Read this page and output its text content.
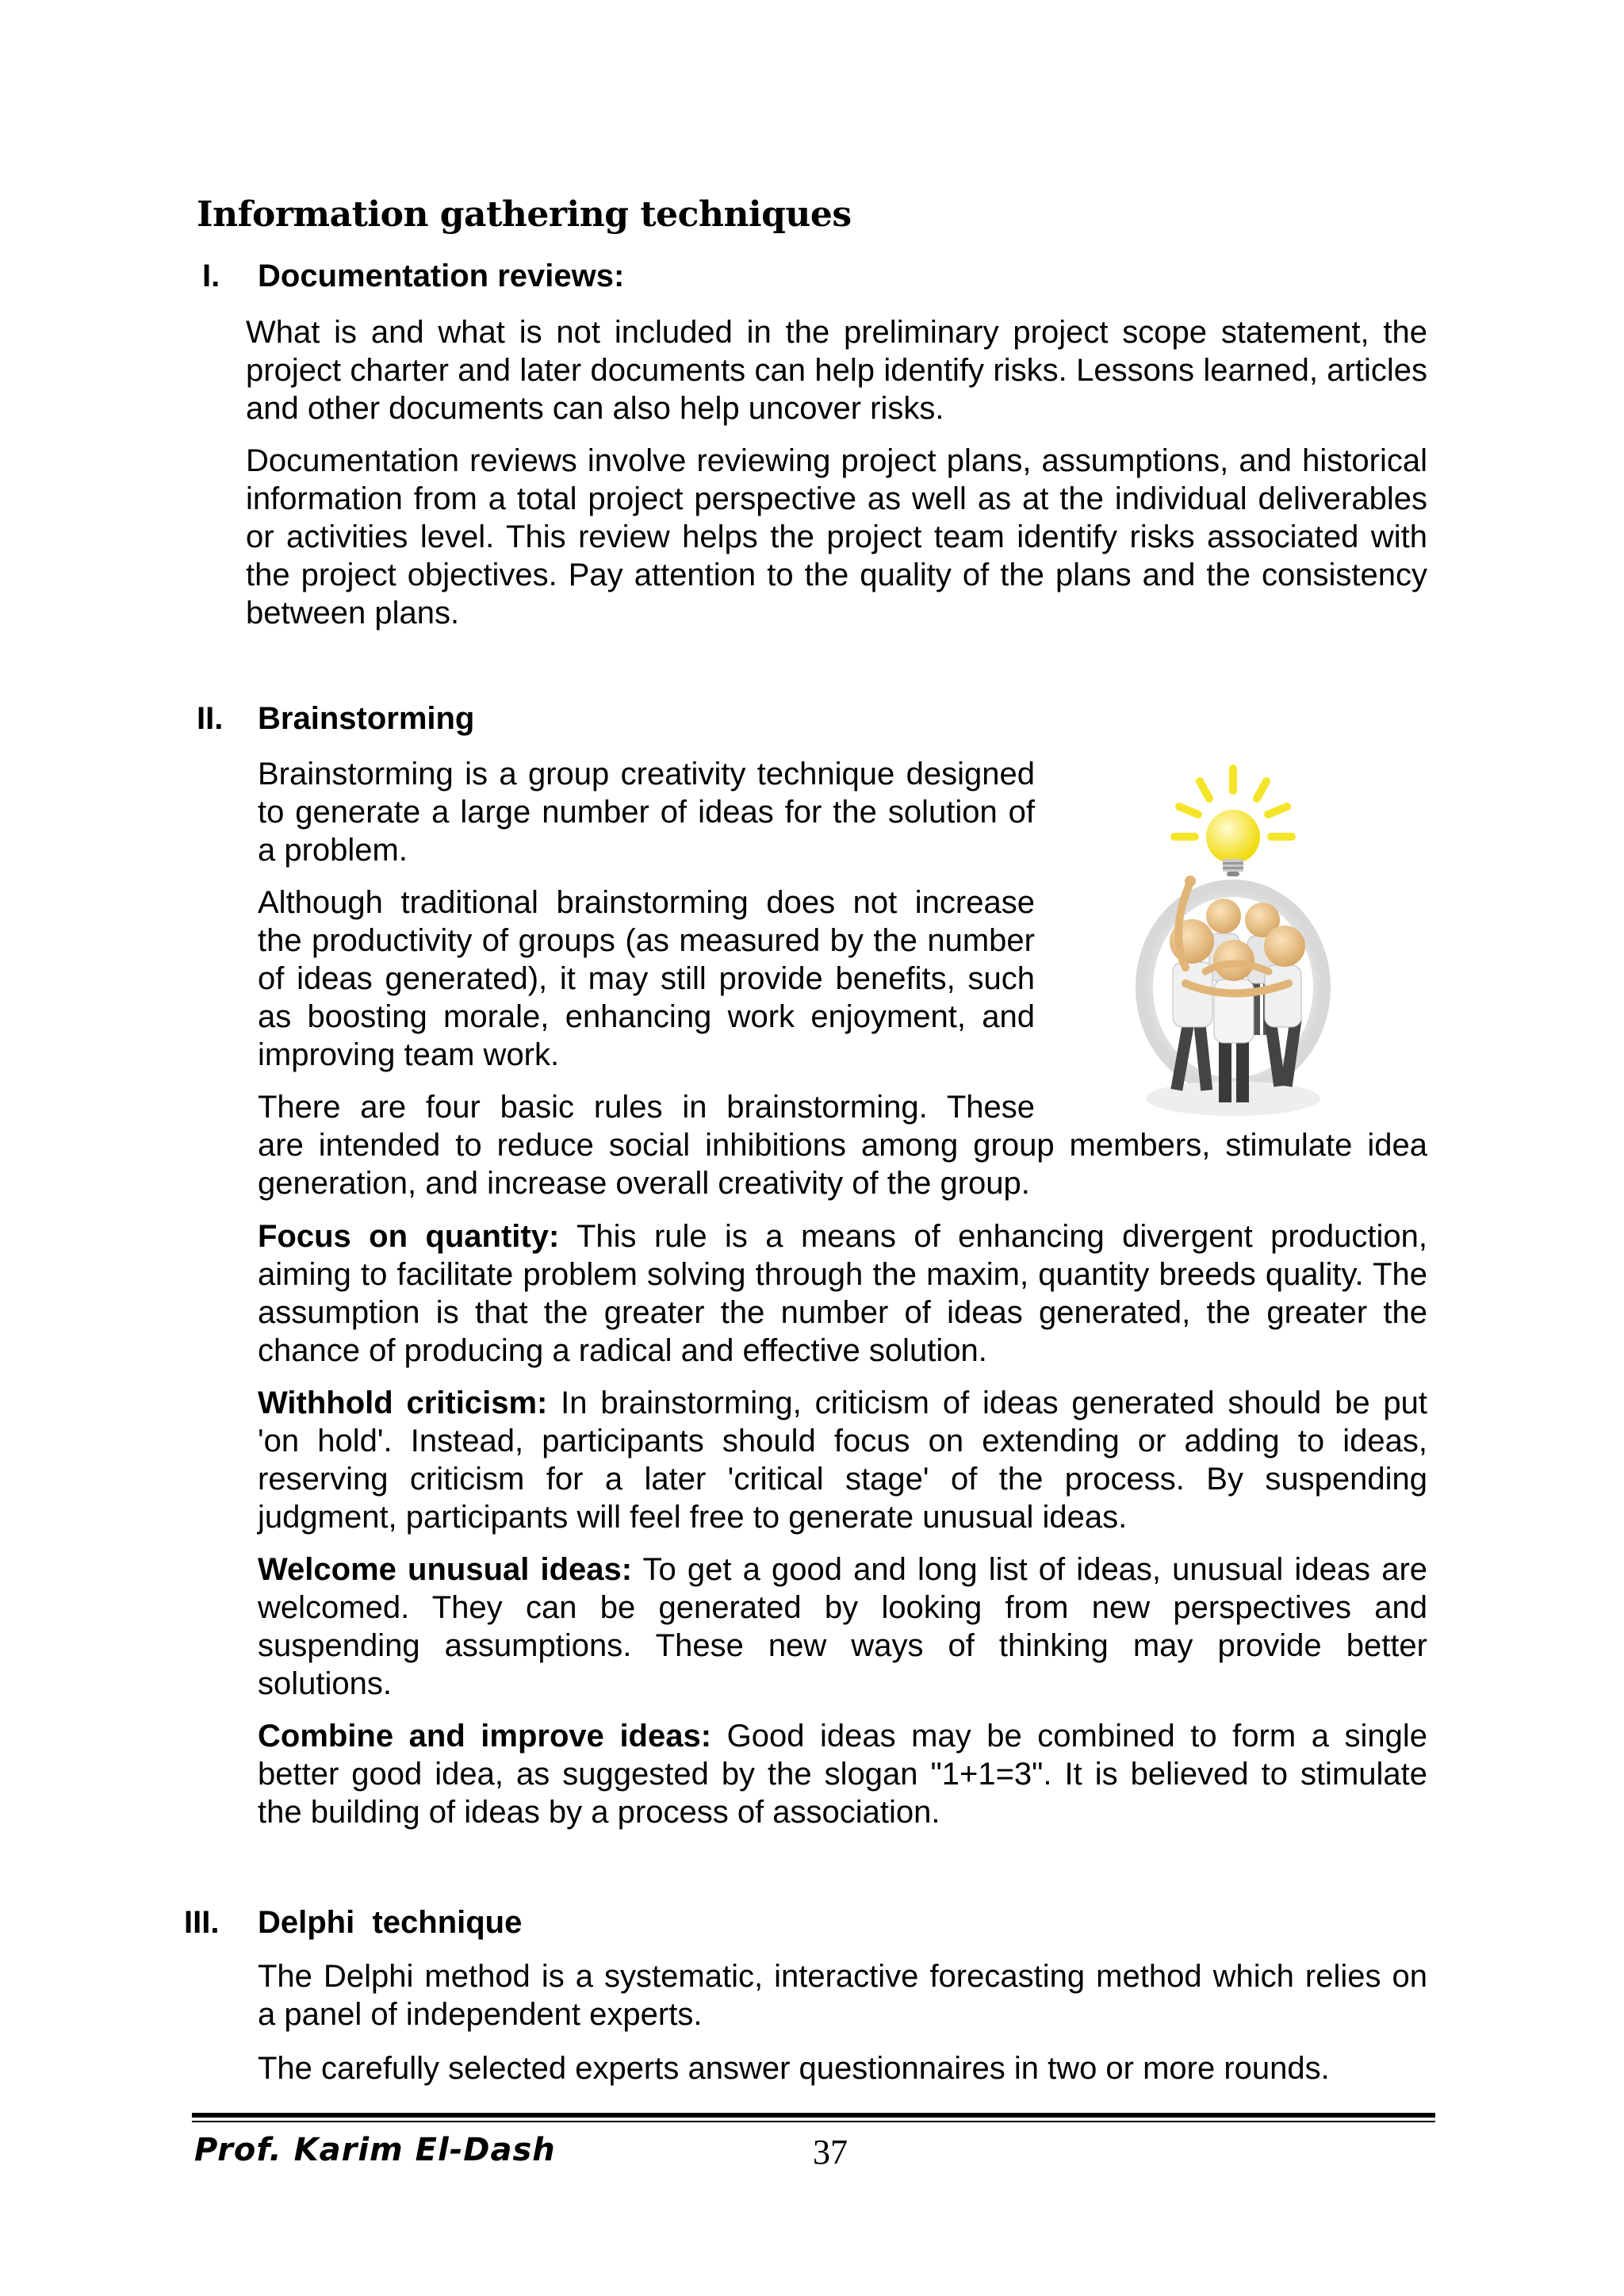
Information gathering techniques
I. Documentation reviews:

What is and what is not included in the preliminary project scope statement, the project charter and later documents can help identify risks. Lessons learned, articles and other documents can also help uncover risks.

Documentation reviews involve reviewing project plans, assumptions, and historical information from a total project perspective as well as at the individual deliverables or activities level. This review helps the project team identify risks associated with the project objectives. Pay attention to the quality of the plans and the consistency between plans.

II. Brainstorming

Brainstorming is a group creativity technique designed to generate a large number of ideas for the solution of a problem.

Although traditional brainstorming does not increase the productivity of groups (as measured by the number of ideas generated), it may still provide benefits, such as boosting morale, enhancing work enjoyment, and improving team work.

There are four basic rules in brainstorming. These

are intended to reduce social inhibitions among group members, stimulate idea generation, and increase overall creativity of the group.

Focus on quantity: This rule is a means of enhancing divergent production, aiming to facilitate problem solving through the maxim, quantity breeds quality. The assumption is that the greater the number of ideas generated, the greater the chance of producing a radical and effective solution.

Withhold criticism: In brainstorming, criticism of ideas generated should be put 'on hold'. Instead, participants should focus on extending or adding to ideas, reserving criticism for a later 'critical stage' of the process. By suspending judgment, participants will feel free to generate unusual ideas.

Welcome unusual ideas: To get a good and long list of ideas, unusual ideas are welcomed. They can be generated by looking from new perspectives and suspending assumptions. These new ways of thinking may provide better solutions.

Combine and improve ideas: Good ideas may be combined to form a single better good idea, as suggested by the slogan "1+1=3". It is believed to stimulate the building of ideas by a process of association.

III. Delphi  technique

The Delphi method is a systematic, interactive forecasting method which relies on a panel of independent experts.

The carefully selected experts answer questionnaires in two or more rounds.

Prof. Karim El-Dash	37
